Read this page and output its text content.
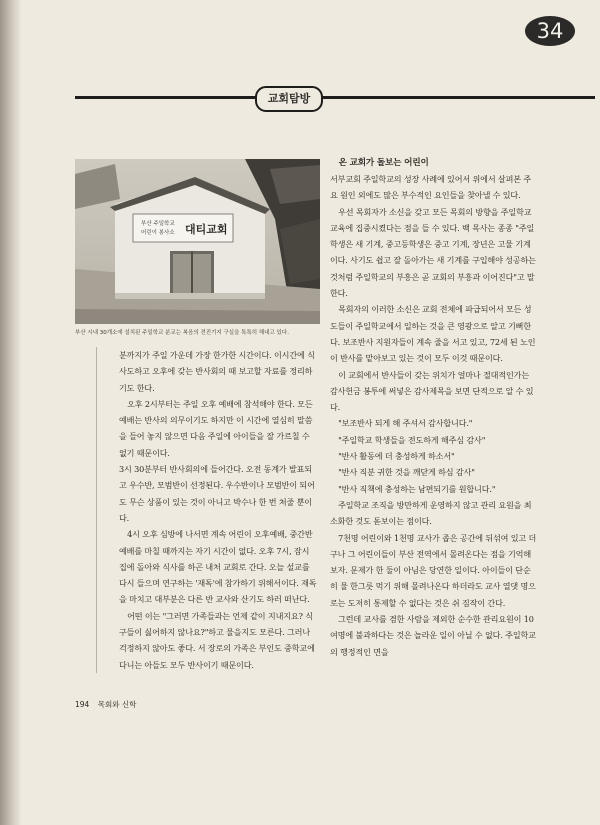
34
교회탐방
부산 주일학교
어린이 봉사소 대티교회
부산 시내 30개소에 설치된 주일학교 분교는 복음의 전진기지 구실을 톡톡히 해내고 있다.

분까지가 주일 가운데 가장 한가한 시간이다. 이시간에 식사도하고 오후에 갖는 반사회의 때 보고할 자료를 정리하기도 한다.

오후 2시부터는 주일 오후 예배에 참석해야 한다. 모든 예배는 반사의 의무이기도 하지만 이 시간에 열심히 말씀을 들어 놓지 않으면 다음 주일에 아이들을 잘 가르칠 수 없기 때문이다.

3시 30분부터 반사회의에 들어간다. 오전 동계가 발표되고 우수반, 모범반이 선정된다. 우수반이나 모범반이 되어도 무슨 상품이 있는 것이 아니고 박수나 한 번 쳐줄 뿐이다.

4시 오후 심방에 나서면 계속 어린이 오후예배, 중간반 예배를 마칠 때까지는 자기 시간이 없다. 오후 7시, 잠시 집에 돌아와 식사를 하곤 내처 교회로 간다. 오늘 설교를 다시 들으며 연구하는 '재독'에 참가하기 위해서이다. 재독을 마치고 대부분은 다른 반 교사와 산기도 하러 떠난다.

어떤 이는 "그러면 가족들과는 언제 같이 지내지요? 식구들이 싫어하지 않나요?"하고 물을지도 모른다. 그러나 걱정하지 않아도 좋다. 서 장로의 가족은 부인도 중학교에 다니는 아들도 모두 반사이기 때문이다.

온 교회가 돌보는 어린이

서부교회 주일학교의 성장 사례에 있어서 위에서 살펴본 주요 원인 외에도 많은 부수적인 요인들을 찾아낼 수 있다.

우선 목회자가 소신을 갖고 모든 목회의 방향을 주일학교 교육에 집중시켰다는 점을 들 수 있다. 백 목사는 종종 "주일학생은 새 기계, 중고등학생은 중고 기계, 장년은 고물 기계이다. 사기도 쉽고 잘 돌아가는 새 기계를 구입해야 성공하는 것처럼 주일학교의 부흥은 곧 교회의 부흥과 이어진다"고 말한다.

목회자의 이러한 소신은 교회 전체에 파급되어서 모든 성도들이 주일학교에서 일하는 것을 큰 영광으로 알고 기뻐한다. 보조반사 지원자들이 계속 줄을 서고 있고, 72세 된 노인이 반사를 맡아보고 있는 것이 모두 이것 때문이다.

이 교회에서 반사들이 갖는 위치가 얼마나 절대적인가는 감사헌금 봉투에 써넣은 감사제목을 보면 단적으로 알 수 있다.

"보조반사 되게 해 주셔서 감사합니다."

"주일학교 학생들을 전도하게 해주심 감사"

"반사 활동에 더 충성하게 하소서"

"반사 직분 귀한 것을 깨닫게 하심 감사"

"반사 직책에 충성하는 남편되기를 원합니다."

주일학교 조직을 방만하게 운영하지 않고 관리 요원을 최소화한 것도 돋보이는 점이다.

7천명 어린이와 1천명 교사가 좁은 공간에 뒤섞여 있고 더구나 그 어린이들이 부산 전역에서 몰려온다는 점을 기억해 보자. 문제가 한 둘이 아님은 당연한 일이다. 아이들이 단순히 물 한그릇 먹기 위해 몰려나온다 하더라도 교사 열댓 명으로는 도저히 통제할 수 없다는 것은 쉬 짐작이 간다.

그런데 교사를 겸한 사람을 제외한 순수한 관리요원이 10여명에 불과하다는 것은 놀라운 일이 아닐 수 없다. 주일학교의 행정적인 면을

194 목회와 신학
